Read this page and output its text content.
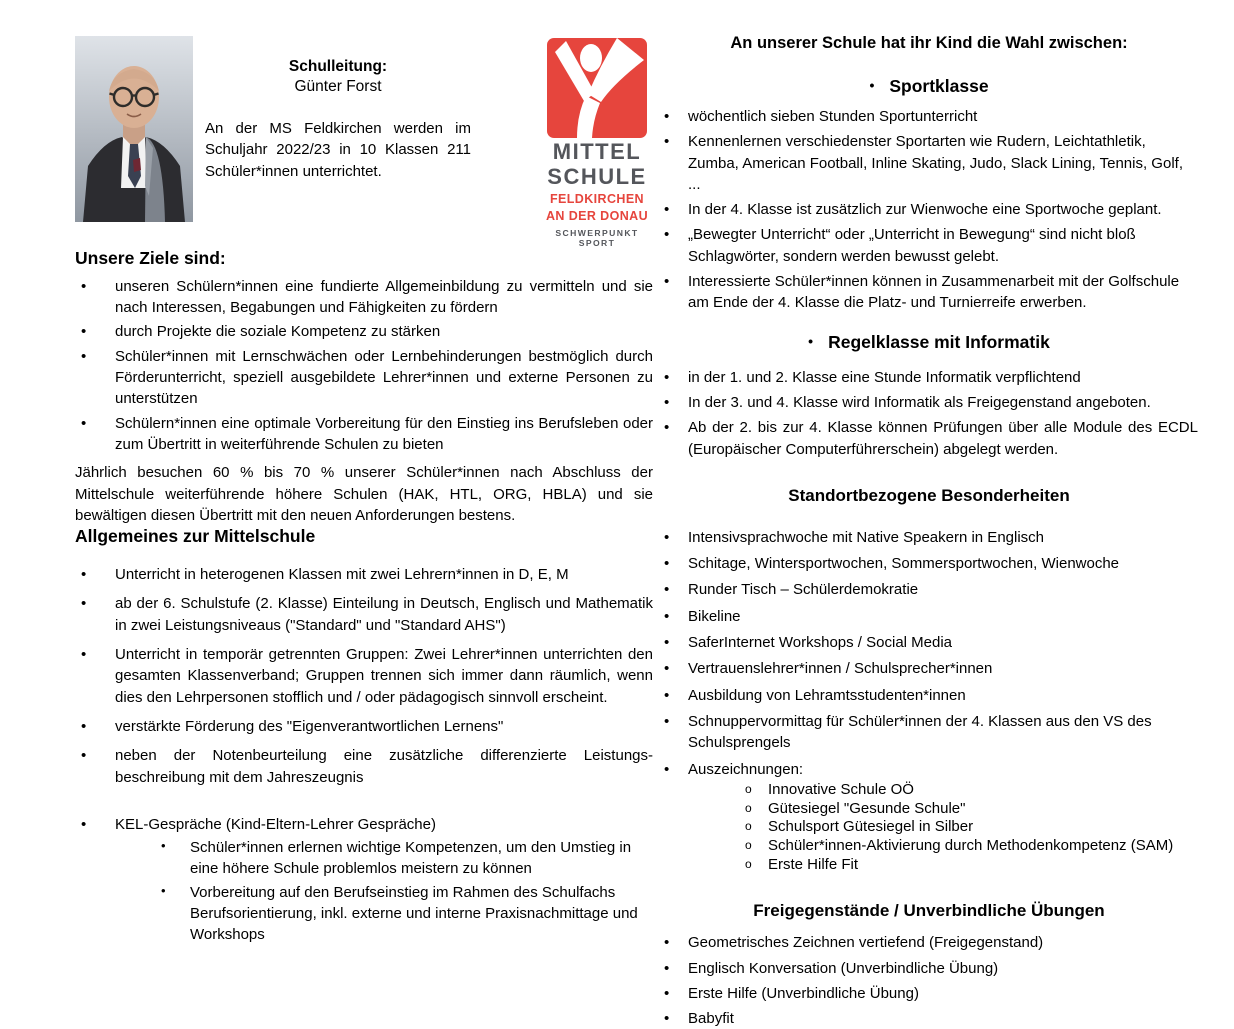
Schulleitung:
Günter Forst

An der MS Feldkirchen werden im Schuljahr 2022/23 in 10 Klassen 211 Schüler*innen unterrichtet.

MITTEL
SCHULE
FELDKIRCHEN
AN DER DONAU
SCHWERPUNKT SPORT
Unsere Ziele sind:
• unseren Schülern*innen eine fundierte Allgemeinbildung zu vermitteln und sie nach Interessen, Begabungen und Fähigkeiten zu fördern
• durch Projekte die soziale Kompetenz zu stärken
• Schüler*innen mit Lernschwächen oder Lernbehinderungen bestmöglich durch Förderunterricht, speziell ausgebildete Lehrer*innen und externe Personen zu unterstützen
• Schülern*innen eine optimale Vorbereitung für den Einstieg ins Berufsleben oder zum Übertritt in weiterführende Schulen zu bieten

Jährlich besuchen 60 % bis 70 % unserer Schüler*innen nach Abschluss der Mittelschule weiterführende höhere Schulen (HAK, HTL, ORG, HBLA) und sie bewältigen diesen Übertritt mit den neuen Anforderungen bestens.

Allgemeines zur Mittelschule
• Unterricht in heterogenen Klassen mit zwei Lehrern*innen in D, E, M
• ab der 6. Schulstufe (2. Klasse) Einteilung in Deutsch, Englisch und Mathematik in zwei Leistungsniveaus ("Standard" und "Standard AHS")
• Unterricht in temporär getrennten Gruppen: Zwei Lehrer*innen unterrichten den gesamten Klassenverband; Gruppen trennen sich immer dann räumlich, wenn dies den Lehrpersonen stofflich und / oder pädagogisch sinnvoll erscheint.
• verstärkte Förderung des "Eigenverantwortlichen Lernens"
• neben der Notenbeurteilung eine zusätzliche differenzierte Leistungs- beschreibung mit dem Jahreszeugnis
• KEL-Gespräche (Kind-Eltern-Lehrer Gespräche)
• Schüler*innen erlernen wichtige Kompetenzen, um den Umstieg in eine höhere Schule problemlos meistern zu können
• Vorbereitung auf den Berufseinstieg im Rahmen des Schulfachs Berufsorientierung, inkl. externe und interne Praxisnachmittage und Workshops
An unserer Schule hat ihr Kind die Wahl zwischen:
• Sportklasse
• wöchentlich sieben Stunden Sportunterricht
• Kennenlernen verschiedenster Sportarten wie Rudern, Leichtathletik, Zumba, American Football, Inline Skating, Judo, Slack Lining, Tennis, Golf, ...
• In der 4. Klasse ist zusätzlich zur Wienwoche eine Sportwoche geplant.
• „Bewegter Unterricht“ oder „Unterricht in Bewegung“ sind nicht bloß Schlagwörter, sondern werden bewusst gelebt.
• Interessierte Schüler*innen können in Zusammenarbeit mit der Golfschule am Ende der 4. Klasse die Platz- und Turnierreife erwerben.
• Regelklasse mit Informatik
• in der 1. und 2. Klasse eine Stunde Informatik verpflichtend
• In der 3. und 4. Klasse wird Informatik als Freigegenstand angeboten.
• Ab der 2. bis zur 4. Klasse können Prüfungen über alle Module des ECDL (Europäischer Computerführerschein) abgelegt werden.
Standortbezogene Besonderheiten
• Intensivsprachwoche mit Native Speakern in Englisch
• Schitage, Wintersportwochen, Sommersportwochen, Wienwoche
• Runder Tisch – Schülerdemokratie
• Bikeline
• SaferInternet Workshops / Social Media
• Vertrauenslehrer*innen / Schulsprecher*innen
• Ausbildung von Lehramtsstudenten*innen
• Schnuppervormittag für Schüler*innen der 4. Klassen aus den VS des Schulsprengels
• Auszeichnungen:
o Innovative Schule OÖ
o Gütesiegel "Gesunde Schule"
o Schulsport Gütesiegel in Silber
o Schüler*innen-Aktivierung durch Methodenkompetenz (SAM)
o Erste Hilfe Fit
Freigegenstände / Unverbindliche Übungen
• Geometrisches Zeichnen vertiefend (Freigegenstand)
• Englisch Konversation (Unverbindliche Übung)
• Erste Hilfe (Unverbindliche Übung)
• Babyfit
